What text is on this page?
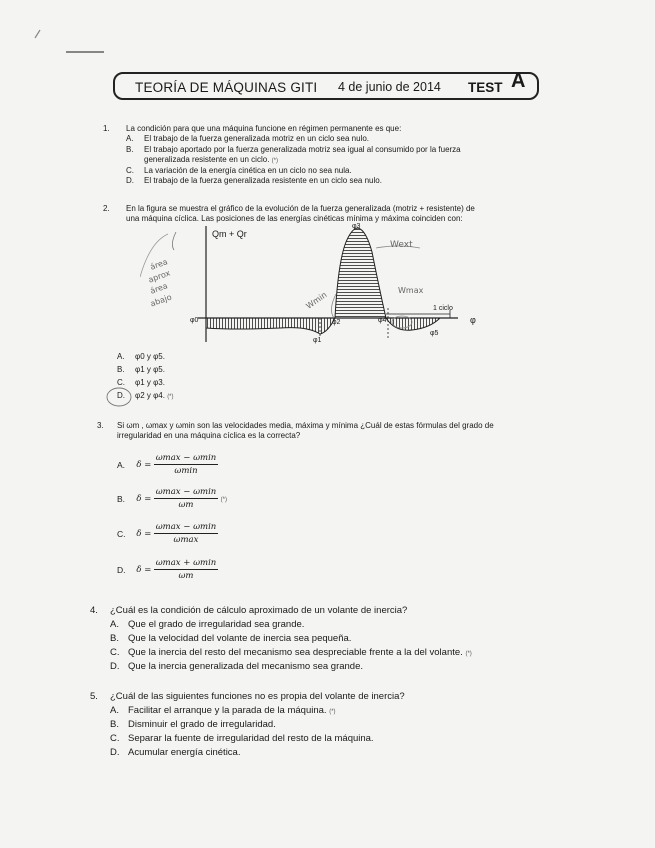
TEORÍA DE MÁQUINAS GITI 4 de junio de 2014 TEST A
1. La condición para que una máquina funcione en régimen permanente es que:
A. El trabajo de la fuerza generalizada motriz en un ciclo sea nulo.
B. El trabajo aportado por la fuerza generalizada motriz sea igual al consumido por la fuerza
generalizada resistente en un ciclo. (*)
C. La variación de la energía cinética en un ciclo no sea nula.
D. El trabajo de la fuerza generalizada resistente en un ciclo sea nulo.
2. En la figura se muestra el gráfico de la evolución de la fuerza generalizada (motriz + resistente) de
una máquina cíclica. Las posiciones de las energías cinéticas mínima y máxima coinciden con:
Qm + Qr
φ
1 ciclo
φ0
φ1
φ2
φ3
φ4
φ5
Wext
Wmin	Wmax
área
aprox
área
abajo
A. φ0 y φ5.
B. φ1 y φ5.
C. φ1 y φ3.
D. φ2 y φ4. (*)
3. Si ωm , ωmax y ωmin son las velocidades media, máxima y mínima ¿Cuál de estas fórmulas del grado de
irregularidad en una máquina cíclica es la correcta?
A. $\delta = \frac{\omega\max - \omega\min}{\omega\min}$
B. $\delta = \frac{\omega\max - \omega\min}{\omega m}$ (*)
C. $\delta = \frac{\omega\max - \omega\min}{\omega\max}$
D. $\delta = \frac{\omega\max + \omega\min}{\omega m}$
4. ¿Cuál es la condición de cálculo aproximado de un volante de inercia?
A. Que el grado de irregularidad sea grande.
B. Que la velocidad del volante de inercia sea pequeña.
C. Que la inercia del resto del mecanismo sea despreciable frente a la del volante. (*)
D. Que la inercia generalizada del mecanismo sea grande.
5. ¿Cuál de las siguientes funciones no es propia del volante de inercia?
A. Facilitar el arranque y la parada de la máquina. (*)
B. Disminuir el grado de irregularidad.
C. Separar la fuente de irregularidad del resto de la máquina.
D. Acumular energía cinética.
